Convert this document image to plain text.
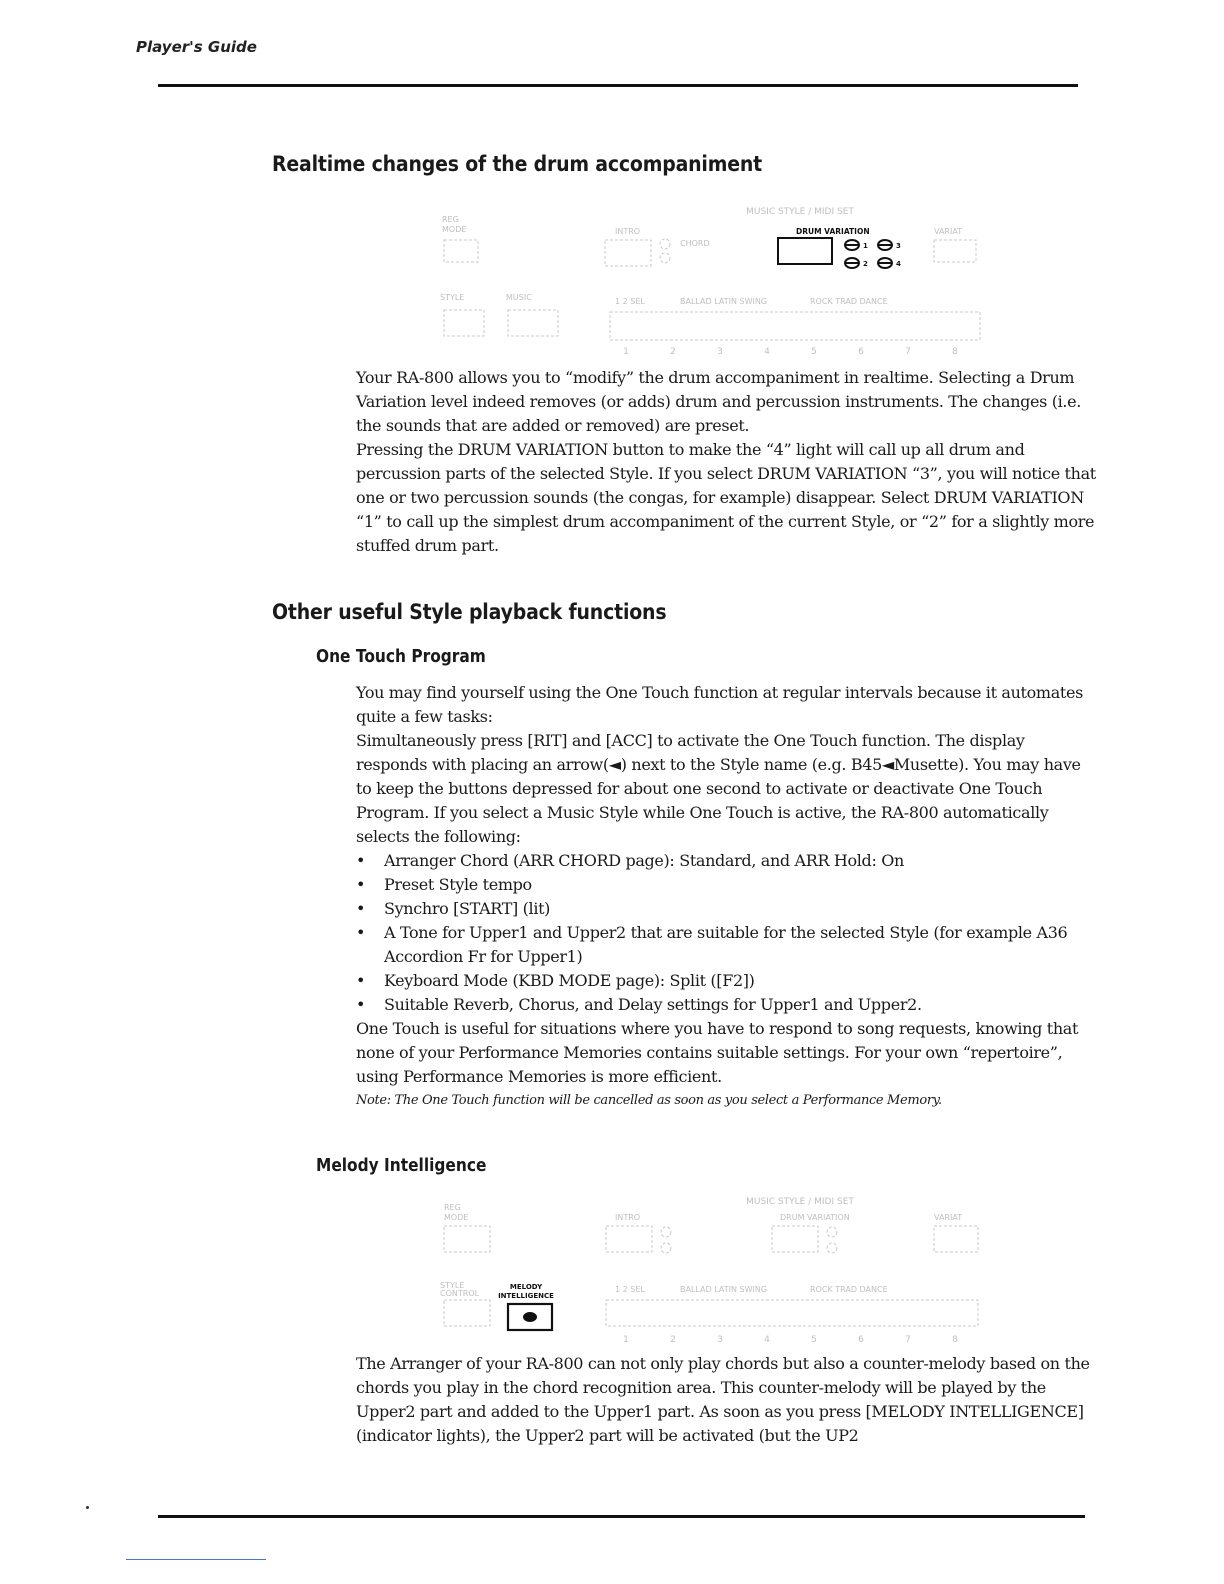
Player's Guide
Realtime changes of the drum accompaniment
REG
MODE	INTRO
CHORD
VARIAT
STYLE	MUSIC	1 2 SEL	BALLAD LATIN SWING	ROCK TRAD DANCE
MUSIC STYLE / MIDI SET
DRUM VARIATION
1
2
3
4
1	2	3	4	5	6	7	8

Your RA-800 allows you to “modify” the drum accompaniment in realtime. Selecting a Drum Variation level indeed removes (or adds) drum and percussion instruments. The changes (i.e. the sounds that are added or removed) are preset.

Pressing the DRUM VARIATION button to make the “4” light will call up all drum and percussion parts of the selected Style. If you select DRUM VARIATION “3”, you will notice that one or two percussion sounds (the congas, for example) disappear. Select DRUM VARIATION “1” to call up the simplest drum accompaniment of the current Style, or “2” for a slightly more stuffed drum part.

Other useful Style playback functions
One Touch Program

You may find yourself using the One Touch function at regular intervals because it automates quite a few tasks:

Simultaneously press [RIT] and [ACC] to activate the One Touch function. The display responds with placing an arrow(◄) next to the Style name (e.g. B45◄Musette). You may have to keep the buttons depressed for about one second to activate or deactivate One Touch Program. If you select a Music Style while One Touch is active, the RA-800 automatically selects the following:

• Arranger Chord (ARR CHORD page): Standard, and ARR Hold: On
• Preset Style tempo
• Synchro [START] (lit)
• A Tone for Upper1 and Upper2 that are suitable for the selected Style (for example A36 Accordion Fr for Upper1)
• Keyboard Mode (KBD MODE page): Split ([F2])
• Suitable Reverb, Chorus, and Delay settings for Upper1 and Upper2.

One Touch is useful for situations where you have to respond to song requests, knowing that none of your Performance Memories contains suitable settings. For your own “repertoire”, using Performance Memories is more efficient.

Note: The One Touch function will be cancelled as soon as you select a Performance Memory.

Melody Intelligence
REG
MODE	INTRO	DRUM VARIATION	VARIAT
STYLE
CONTROL	1 2 SEL	BALLAD LATIN SWING	ROCK TRAD DANCE
MUSIC STYLE / MIDI SET
MELODY
INTELLIGENCE
1	2	3	4	5	6	7	8

The Arranger of your RA-800 can not only play chords but also a counter-melody based on the chords you play in the chord recognition area. This counter-melody will be played by the Upper2 part and added to the Upper1 part. As soon as you press [MELODY INTELLIGENCE] (indicator lights), the Upper2 part will be activated (but the UP2
